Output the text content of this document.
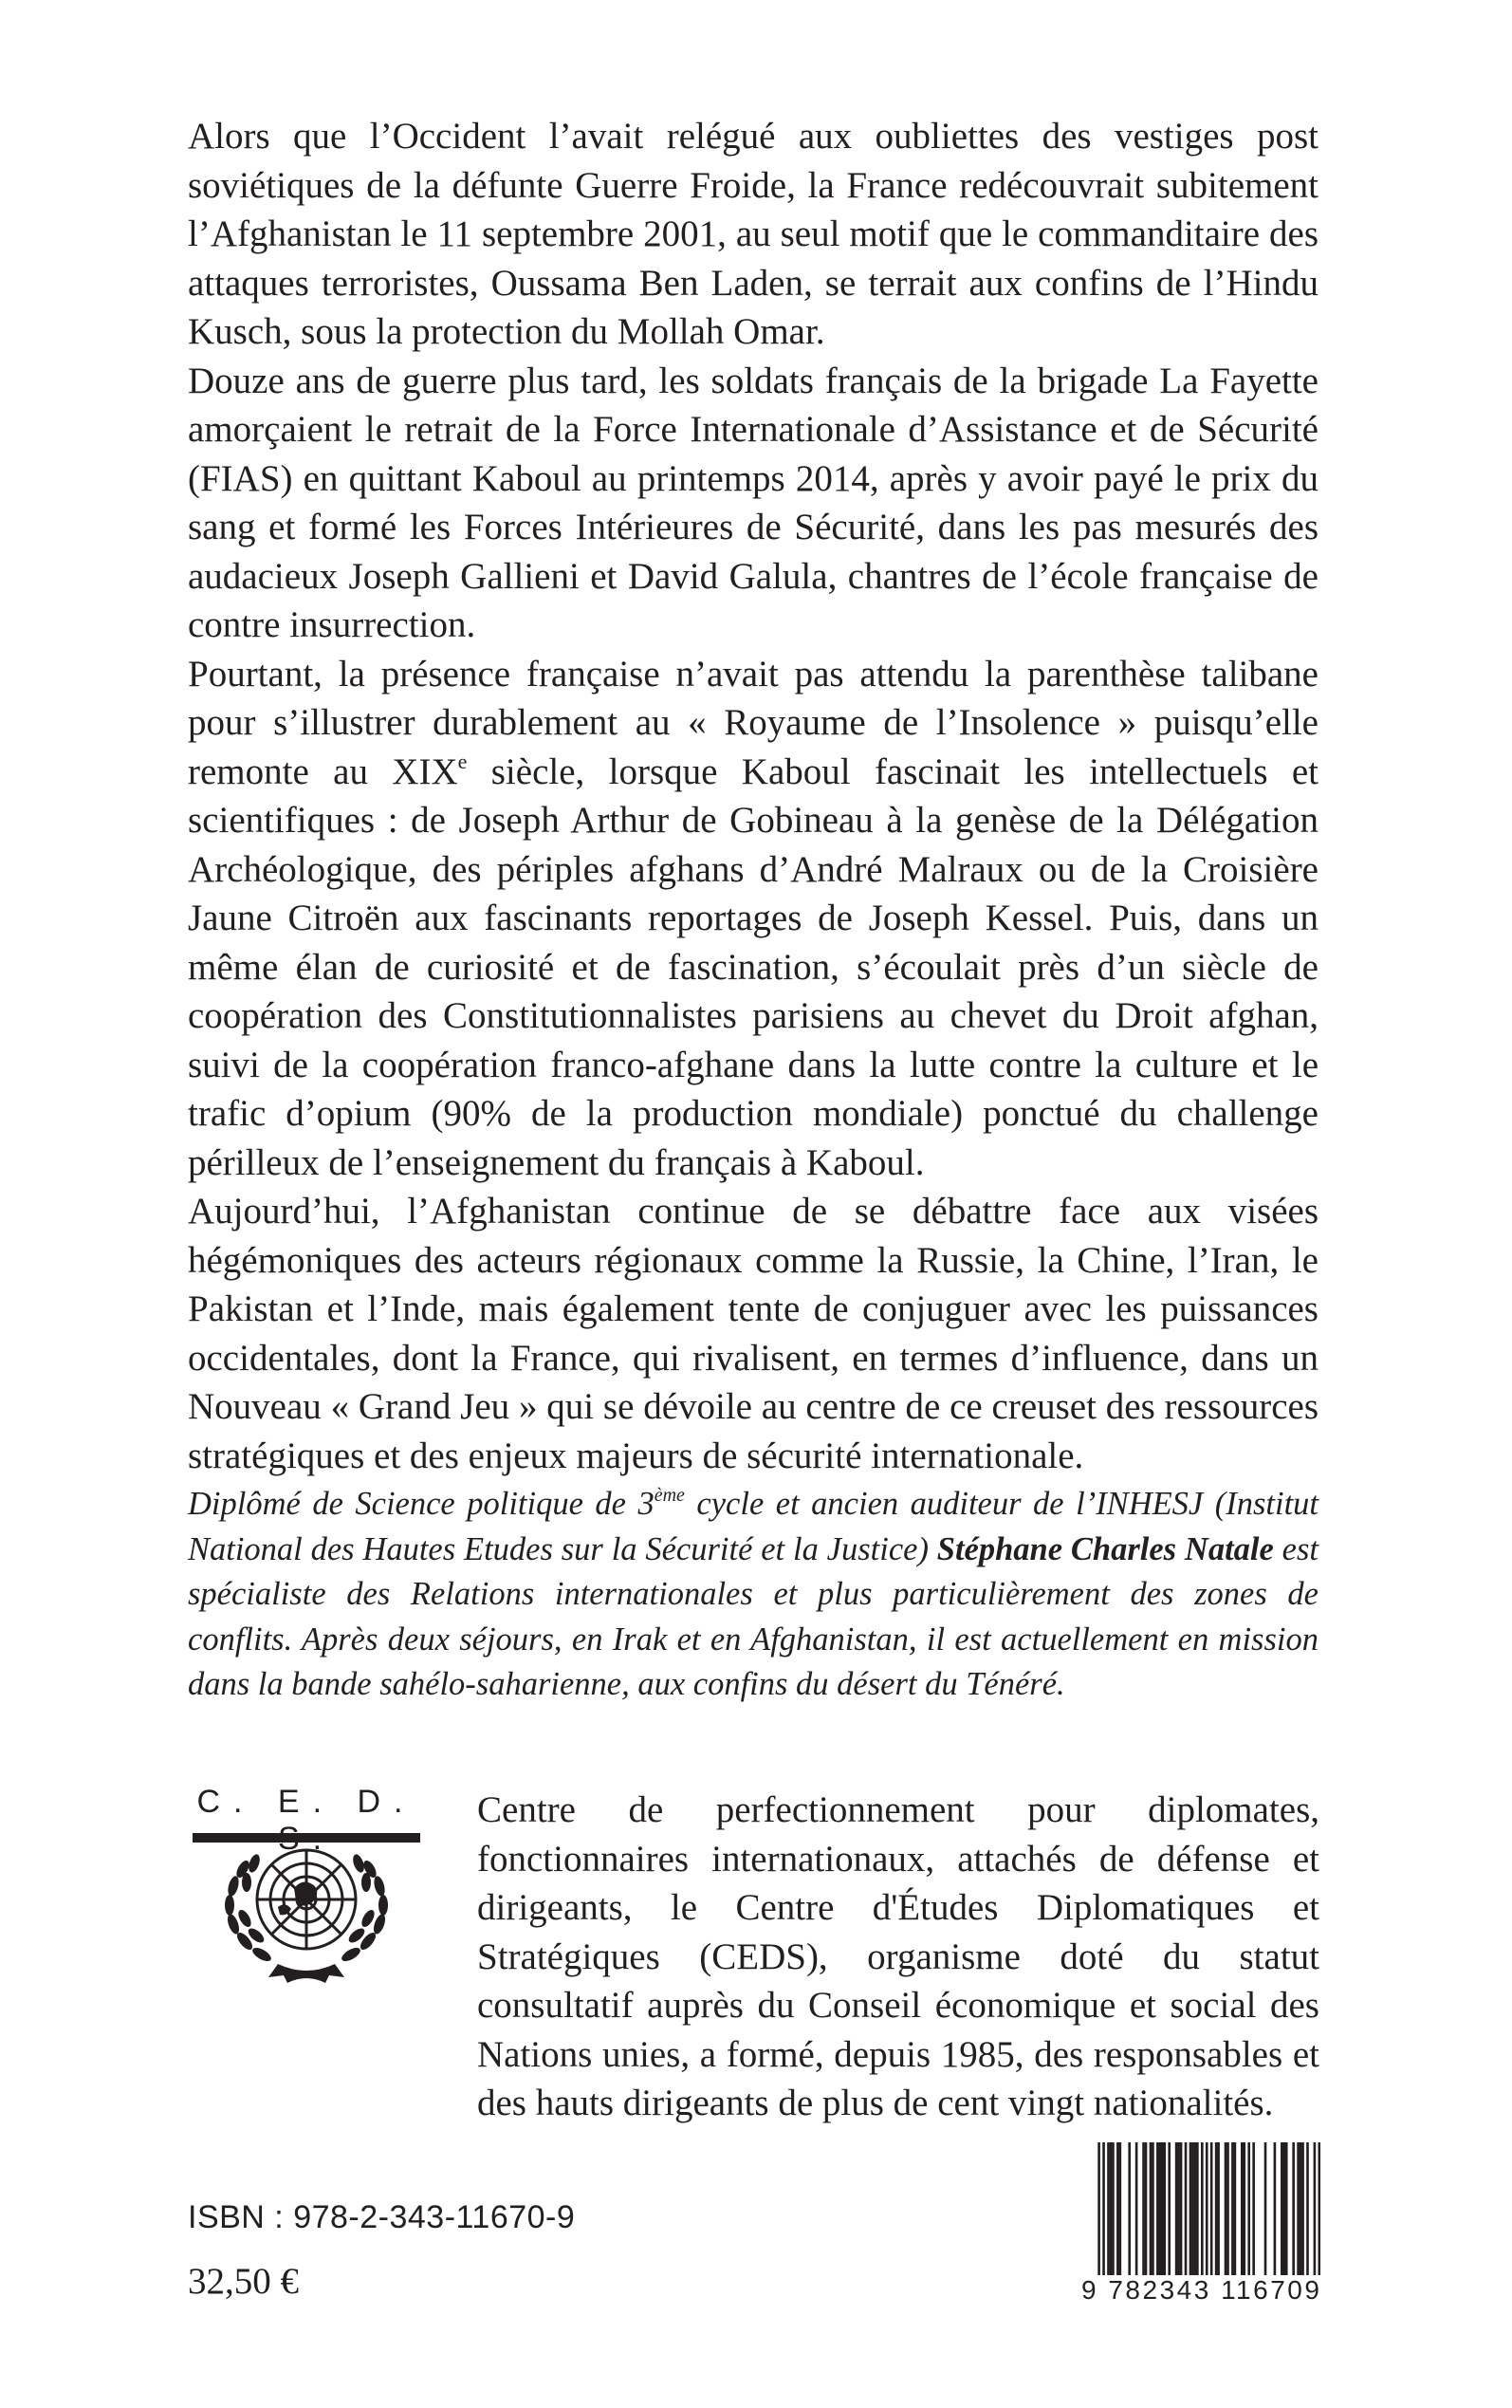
Alors que l’Occident l’avait relégué aux oubliettes des vestiges post soviétiques de la défunte Guerre Froide, la France redécouvrait subitement l’Afghanistan le 11 septembre 2001, au seul motif que le commanditaire des attaques terroristes, Oussama Ben Laden, se terrait aux confins de l’Hindu Kusch, sous la protection du Mollah Omar.

Douze ans de guerre plus tard, les soldats français de la brigade La Fayette amorçaient le retrait de la Force Internationale d’Assistance et de Sécurité (FIAS) en quittant Kaboul au printemps 2014, après y avoir payé le prix du sang et formé les Forces Intérieures de Sécurité, dans les pas mesurés des audacieux Joseph Gallieni et David Galula, chantres de l’école française de contre insurrection.

Pourtant, la présence française n’avait pas attendu la parenthèse talibane pour s’illustrer durablement au « Royaume de l’Insolence » puisqu’elle remonte au XIXe siècle, lorsque Kaboul fascinait les intellectuels et scientifiques : de Joseph Arthur de Gobineau à la genèse de la Délégation Archéologique, des périples afghans d’André Malraux ou de la Croisière Jaune Citroën aux fascinants reportages de Joseph Kessel. Puis, dans un même élan de curiosité et de fascination, s’écoulait près d’un siècle de coopération des Constitutionnalistes parisiens au chevet du Droit afghan, suivi de la coopération franco-afghane dans la lutte contre la culture et le trafic d’opium (90% de la production mondiale) ponctué du challenge périlleux de l’enseignement du français à Kaboul.

Aujourd’hui, l’Afghanistan continue de se débattre face aux visées hégémoniques des acteurs régionaux comme la Russie, la Chine, l’Iran, le Pakistan et l’Inde, mais également tente de conjuguer avec les puissances occidentales, dont la France, qui rivalisent, en termes d’influence, dans un Nouveau « Grand Jeu » qui se dévoile au centre de ce creuset des ressources stratégiques et des enjeux majeurs de sécurité internationale.

Diplômé de Science politique de 3ème cycle et ancien auditeur de l’INHESJ (Institut National des Hautes Etudes sur la Sécurité et la Justice) Stéphane Charles Natale est spécialiste des Relations internationales et plus particulièrement des zones de conflits. Après deux séjours, en Irak et en Afghanistan, il est actuellement en mission dans la bande sahélo-saharienne, aux confins du désert du Ténéré.

C. E. D.	Centre de perfectionnement pour diplomates, fonctionnaires internationaux, attachés de défense et dirigeants, le Centre d'Études Diplomatiques et Stratégiques (CEDS), organisme doté du statut consultatif auprès du Conseil économique et social des Nations unies, a formé, depuis 1985, des responsables et des hauts dirigeants de plus de cent vingt nationalités.

ISBN : 978-2-343-11670-9
32,50 €	9 782343 116709
